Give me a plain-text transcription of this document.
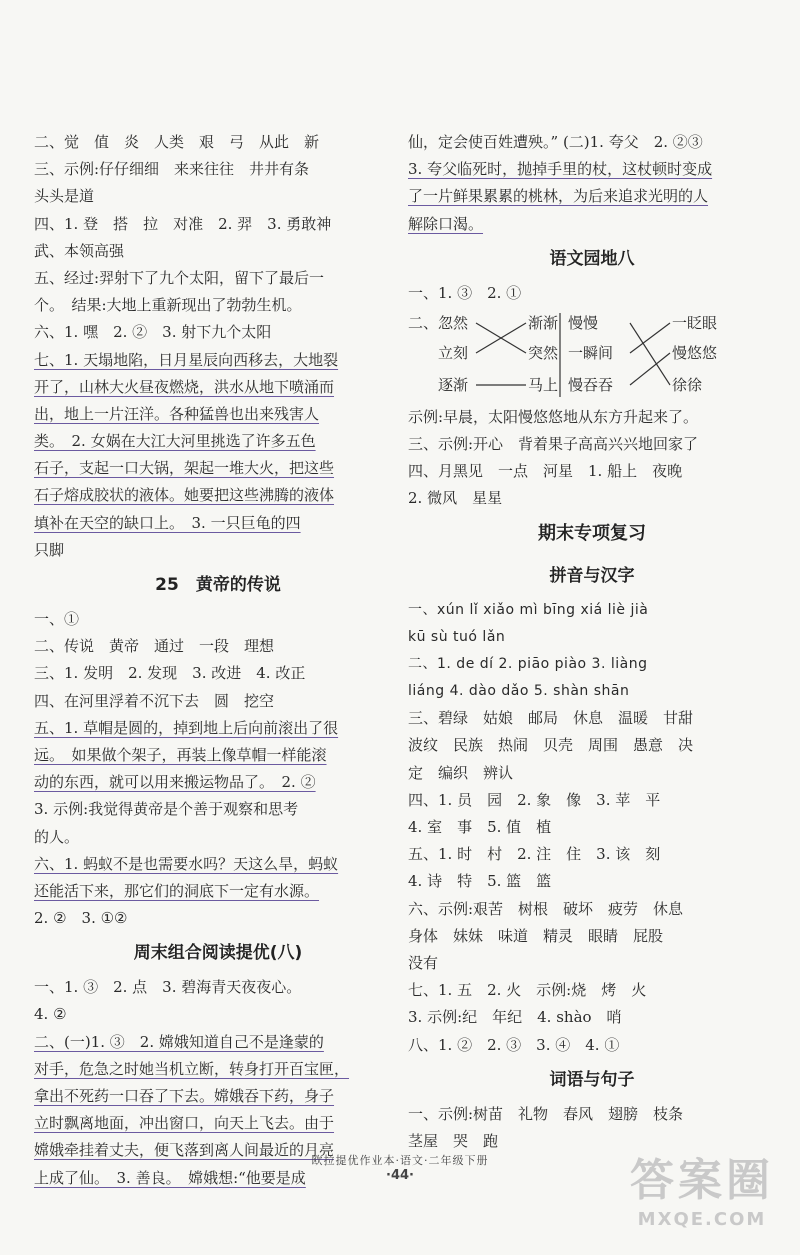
二、觉　值　炎　人类　艰　弓　从此　新
三、示例:仔仔细细　来来往往　井井有条
头头是道
四、1. 登　搭　拉　对准　2. 羿　3. 勇敢神
武、本领高强
五、经过:羿射下了九个太阳，留下了最后一
个。　结果:大地上重新现出了勃勃生机。
六、1. 嘿　2. ②　3. 射下九个太阳
七、1. 天塌地陷，日月星辰向西移去，大地裂
开了，山林大火昼夜燃烧，洪水从地下喷涌而
出，地上一片汪洋。各种猛兽也出来残害人
类。　2. 女娲在大江大河里挑选了许多五色
石子，支起一口大锅，架起一堆大火，把这些
石子熔成胶状的液体。她要把这些沸腾的液体
填补在天空的缺口上。　3. 一只巨龟的四
只脚
25　黄帝的传说
一、①
二、传说　黄帝　通过　一段　理想
三、1. 发明　2. 发现　3. 改进　4. 改正
四、在河里浮着不沉下去　圆　挖空
五、1. 草帽是圆的，掉到地上后向前滚出了很
远。　如果做个架子，再装上像草帽一样能滚
动的东西，就可以用来搬运物品了。　2. ②
3. 示例:我觉得黄帝是个善于观察和思考
的人。
六、1. 蚂蚁不是也需要水吗？天这么旱，蚂蚁
还能活下来，那它们的洞底下一定有水源。
2. ②　3. ①②
周末组合阅读提优(八)
一、1. ③　2. 点　3. 碧海青天夜夜心。
4. ②
二、(一)1. ③　2. 嫦娥知道自己不是逢蒙的
对手，危急之时她当机立断，转身打开百宝匣，
拿出不死药一口吞了下去。嫦娥吞下药，身子
立时飘离地面，冲出窗口，向天上飞去。由于
嫦娥牵挂着丈夫，便飞落到离人间最近的月亮
上成了仙。　3. 善良。　嫦娥想:“他要是成
仙，定会使百姓遭殃。” (二)1. 夸父　2. ②③
3. 夸父临死时，抛掉手里的杖，这杖顿时变成
了一片鲜果累累的桃林，为后来追求光明的人
解除口渴。
语文园地八
一、1. ③　2. ①
二、 忽然
立刻
逐渐
渐渐
突然
马上
慢慢
一瞬间
慢吞吞
一眨眼
慢悠悠
徐徐
示例:早晨，太阳慢悠悠地从东方升起来了。
三、示例:开心　背着果子高高兴兴地回家了
四、月黑见　一点　河星　1. 船上　夜晚
2. 微风　星星
期末专项复习
拼音与汉字
一、xún lǐ xiǎo mì bīng xiá liè jià
kū sù tuó lǎn
二、1. de dí 2. piāo piào 3. liàng
liáng 4. dào dǎo 5. shàn shān
三、碧绿　姑娘　邮局　休息　温暖　甘甜
波纹　民族　热闹　贝壳　周围　愚意　决
定　编织　辨认
四、1. 员　园　2. 象　像　3. 苹　平
4. 室　事　5. 值　植
五、1. 时　村　2. 注　住　3. 该　刻
4. 诗　特　5. 篮　篮
六、示例:艰苦　树根　破坏　疲劳　休息
身体　妹妹　味道　精灵　眼睛　屁股
没有
七、1. 五　2. 火　示例:烧　烤　火
3. 示例:纪　年纪　4. shào　哨
八、1. ②　2. ③　3. ④　4. ①
词语与句子
一、示例:树苗　礼物　春风　翅膀　枝条
茎屋　哭　跑
欧拉提优作业本·语文·二年级下册
·44·	答案圈
MXQE.COM
